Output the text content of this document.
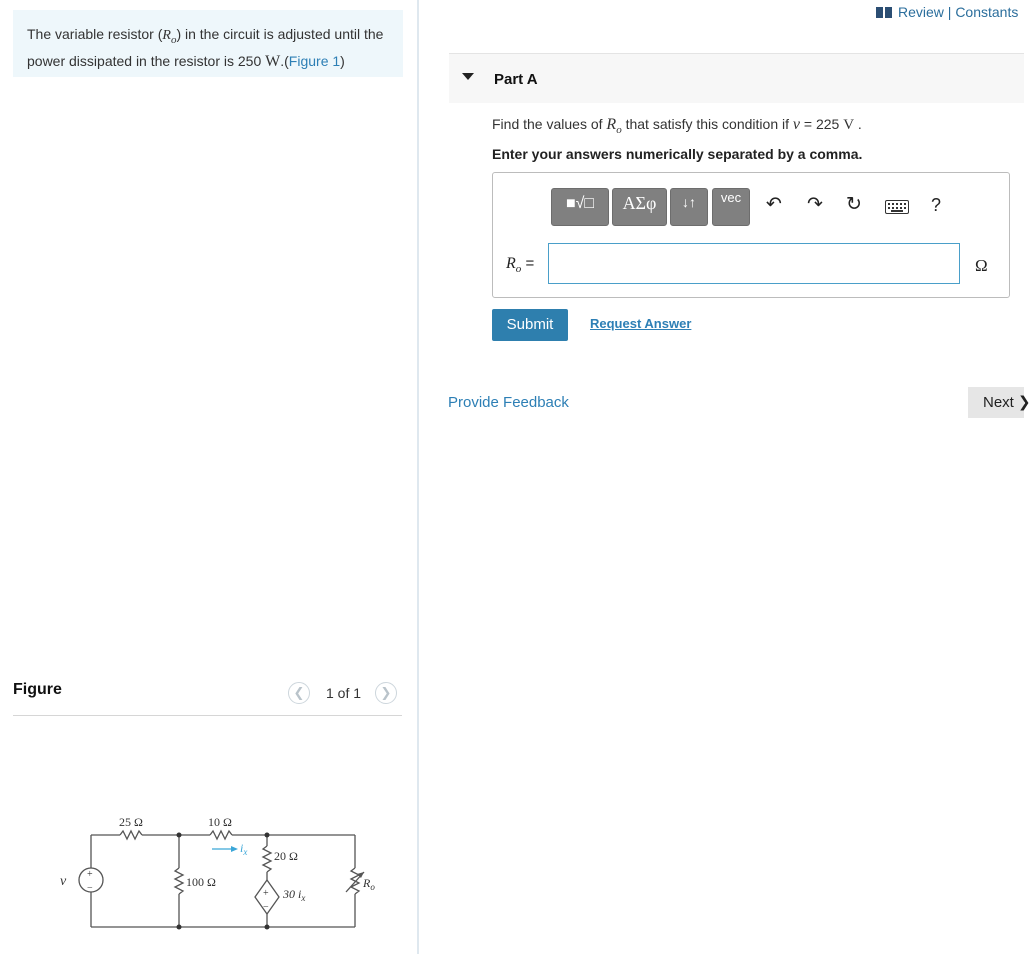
The variable resistor $(R_o)$ in the circuit is adjusted until the power dissipated in the resistor is 250 W.(Figure 1)
Figure	❮	1 of 1	❯
25 Ω	10 Ω
100 Ω
20 Ω
30 $i_x$
$i_x$
v	$R_o$
+
−	+
−
Review | Constants
Part A
Find the values of $R_o$ that satisfy this condition if v = 225 V .
Enter your answers numerically separated by a comma.
■√□	ΑΣφ	↓↑	vec	↶ ↷ ↻	?
$R_o$ =	Ω
Submit	Request Answer
Provide Feedback	Next ❯
